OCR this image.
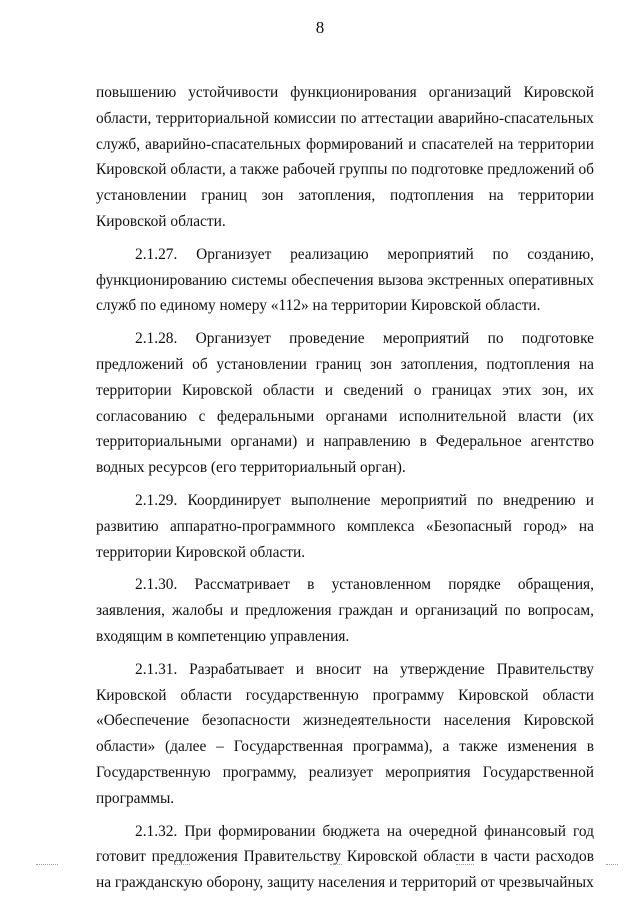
8

повышению устойчивости функционирования организаций Кировской области, территориальной комиссии по аттестации аварийно-спасательных служб, аварийно-спасательных формирований и спасателей на территории Кировской области, а также рабочей группы по подготовке предложений об установлении границ зон затопления, подтопления на территории Кировской области.

2.1.27. Организует реализацию мероприятий по созданию, функционированию системы обеспечения вызова экстренных оперативных служб по единому номеру «112» на территории Кировской области.

2.1.28. Организует проведение мероприятий по подготовке предложений об установлении границ зон затопления, подтопления на территории Кировской области и сведений о границах этих зон, их согласованию с федеральными органами исполнительной власти (их территориальными органами) и направлению в Федеральное агентство водных ресурсов (его территориальный орган).

2.1.29. Координирует выполнение мероприятий по внедрению и развитию аппаратно-программного комплекса «Безопасный город» на территории Кировской области.

2.1.30. Рассматривает в установленном порядке обращения, заявления, жалобы и предложения граждан и организаций по вопросам, входящим в компетенцию управления.

2.1.31. Разрабатывает и вносит на утверждение Правительству Кировской области государственную программу Кировской области «Обеспечение безопасности жизнедеятельности населения Кировской области» (далее – Государственная программа), а также изменения в Государственную программу, реализует мероприятия Государственной программы.

2.1.32. При формировании бюджета на очередной финансовый год готовит предложения Правительству Кировской области в части расходов на гражданскую оборону, защиту населения и территорий от чрезвычайных
